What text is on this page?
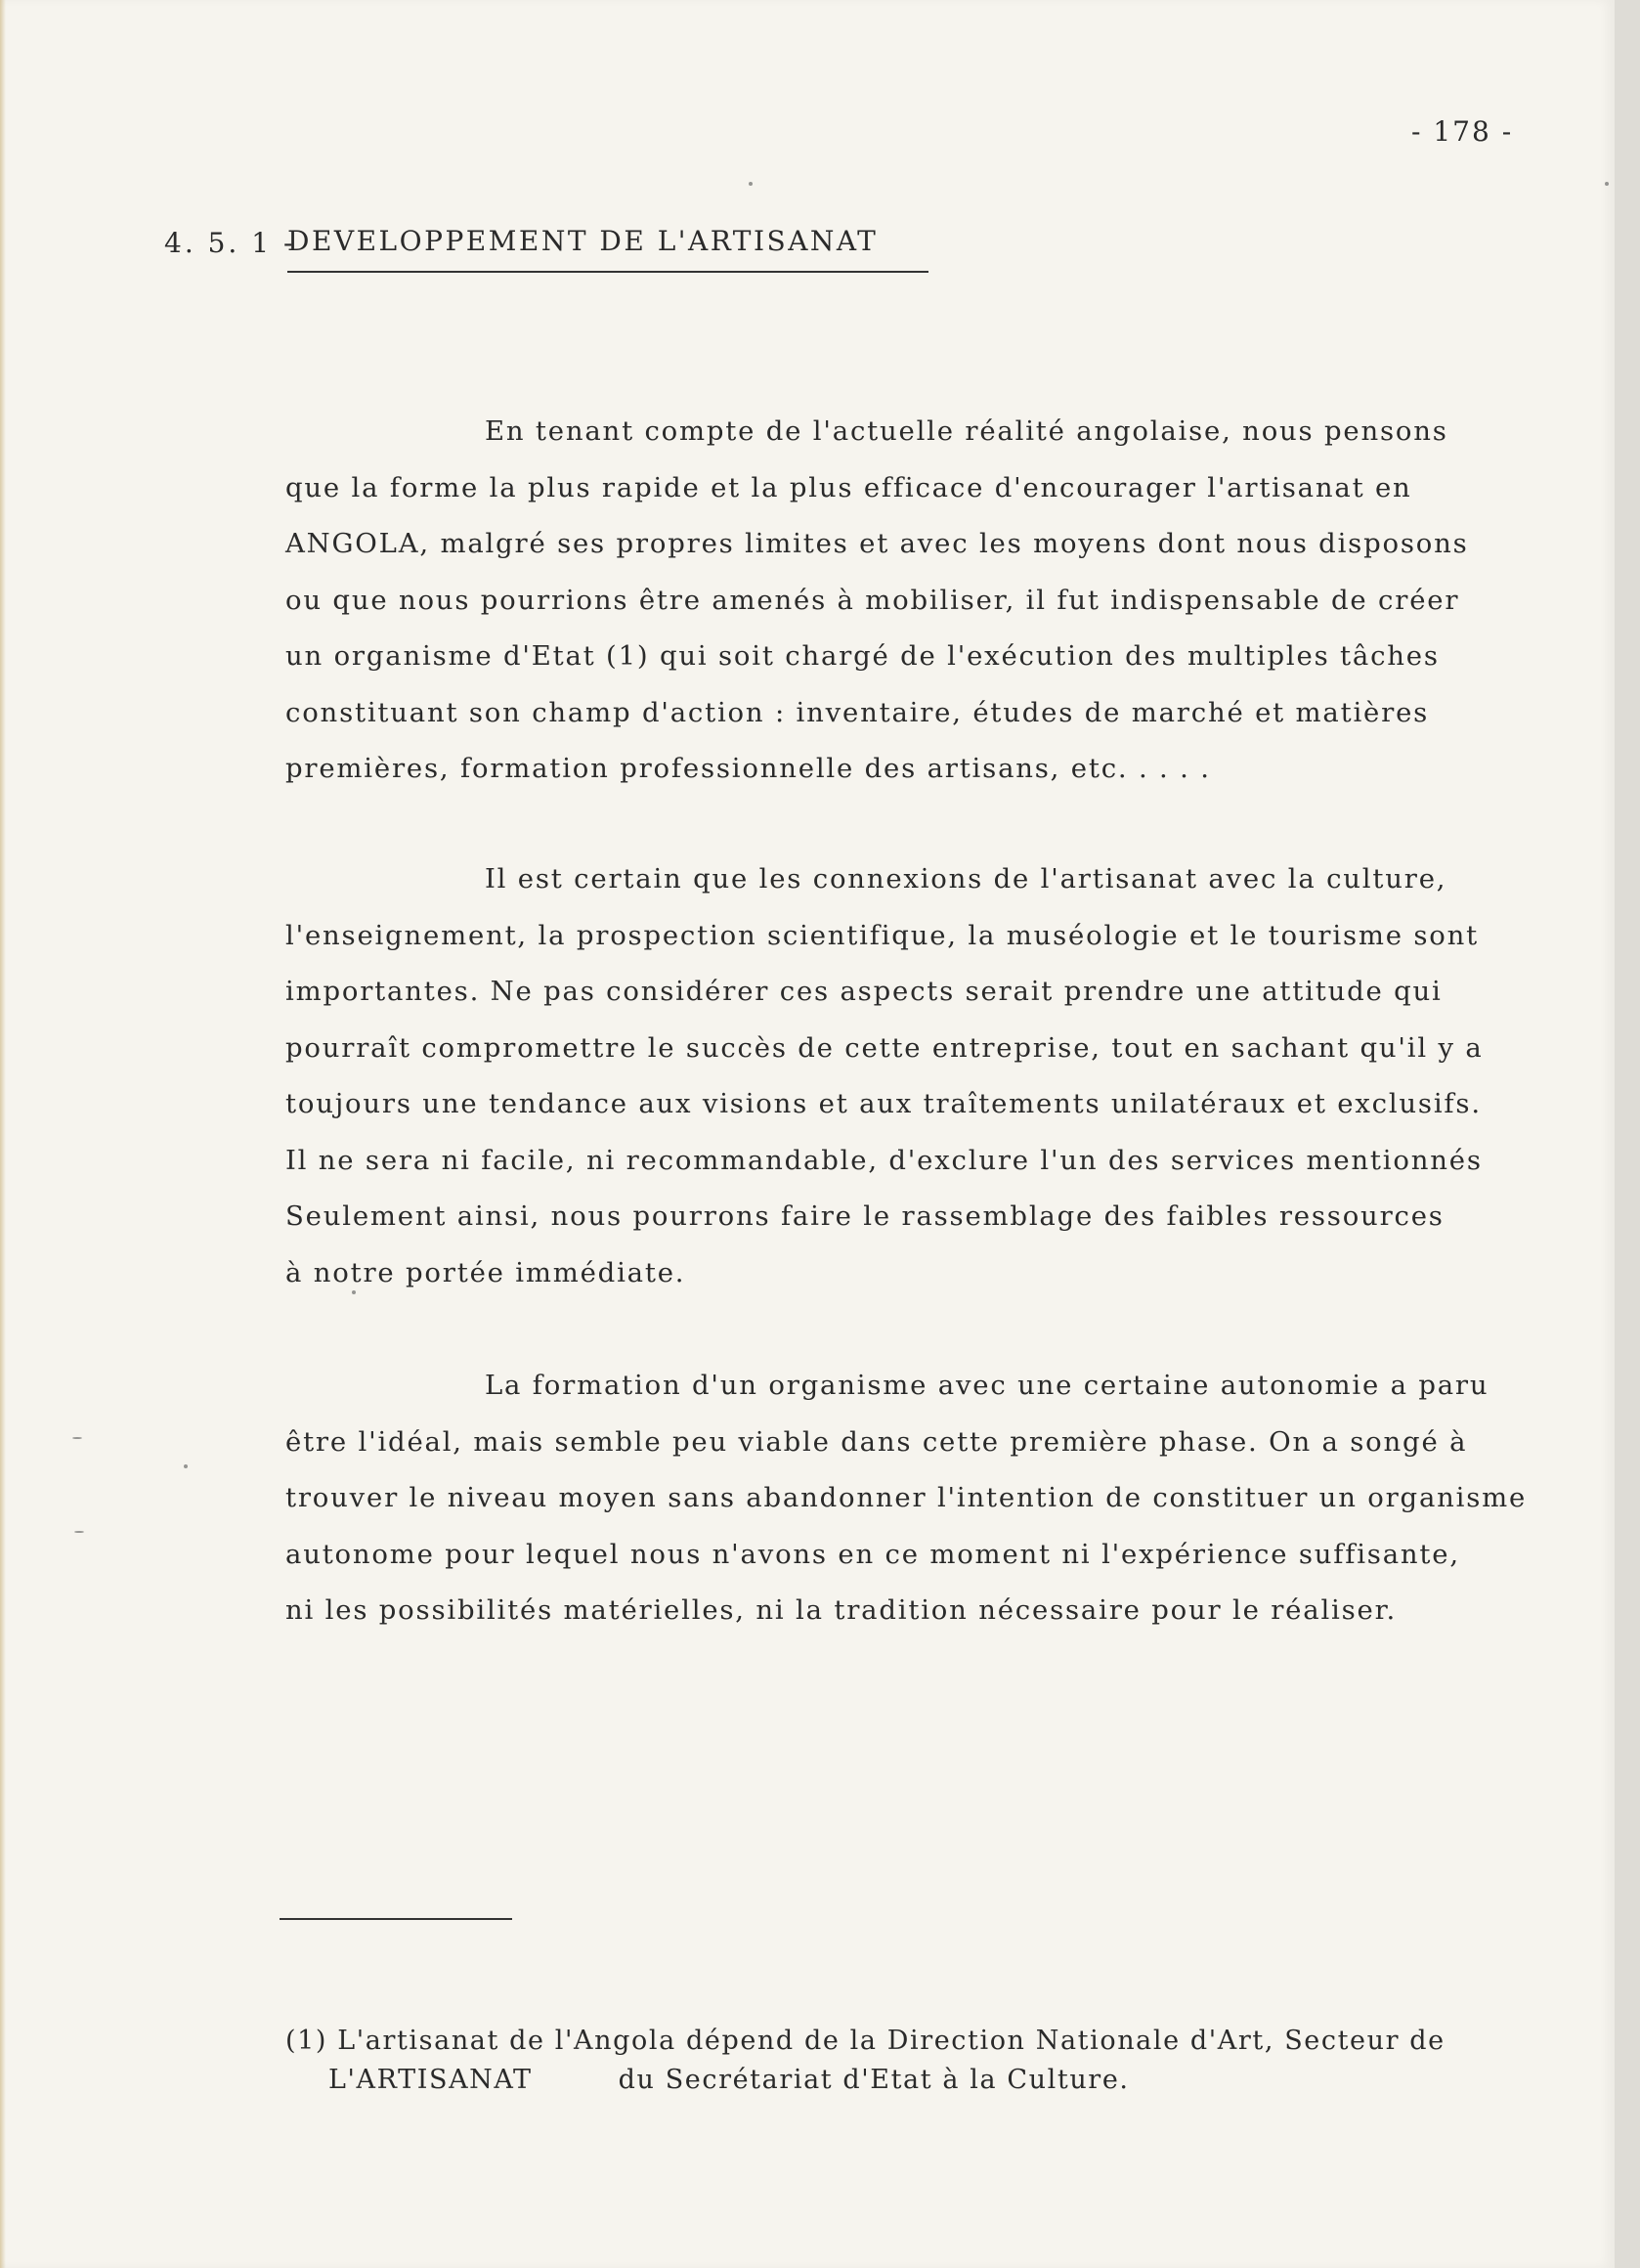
- 178 -
4. 5. 1 -
DEVELOPPEMENT DE L'ARTISANAT
En tenant compte de l'actuelle réalité angolaise, nous pensons
que la forme la plus rapide et la plus efficace d'encourager l'artisanat en
ANGOLA, malgré ses propres limites et avec les moyens dont nous disposons
ou que nous pourrions être amenés à mobiliser, il fut indispensable de créer
un organisme d'Etat (1) qui soit chargé de l'exécution des multiples tâches
constituant son champ d'action : inventaire, études de marché et matières
premières, formation professionnelle des artisans, etc. . . . .
Il est certain que les connexions de l'artisanat avec la culture,
l'enseignement, la prospection scientifique, la muséologie et le tourisme sont
importantes. Ne pas considérer ces aspects serait prendre une attitude qui
pourraît compromettre le succès de cette entreprise, tout en sachant qu'il y a
toujours une tendance aux visions et aux traîtements unilatéraux et exclusifs.
Il ne sera ni facile, ni recommandable, d'exclure l'un des services mentionnés
Seulement ainsi, nous pourrons faire le rassemblage des faibles ressources
à notre portée immédiate.
La formation d'un organisme avec une certaine autonomie a paru
être l'idéal, mais semble peu viable dans cette première phase. On a songé à
trouver le niveau moyen sans abandonner l'intention de constituer un organisme
autonome pour lequel nous n'avons en ce moment ni l'expérience suffisante,
ni les possibilités matérielles, ni la tradition nécessaire pour le réaliser.
(1) L'artisanat de l'Angola dépend de la Direction Nationale d'Art, Secteur de
L'ARTISANAT	du Secrétariat d'Etat à la Culture.
